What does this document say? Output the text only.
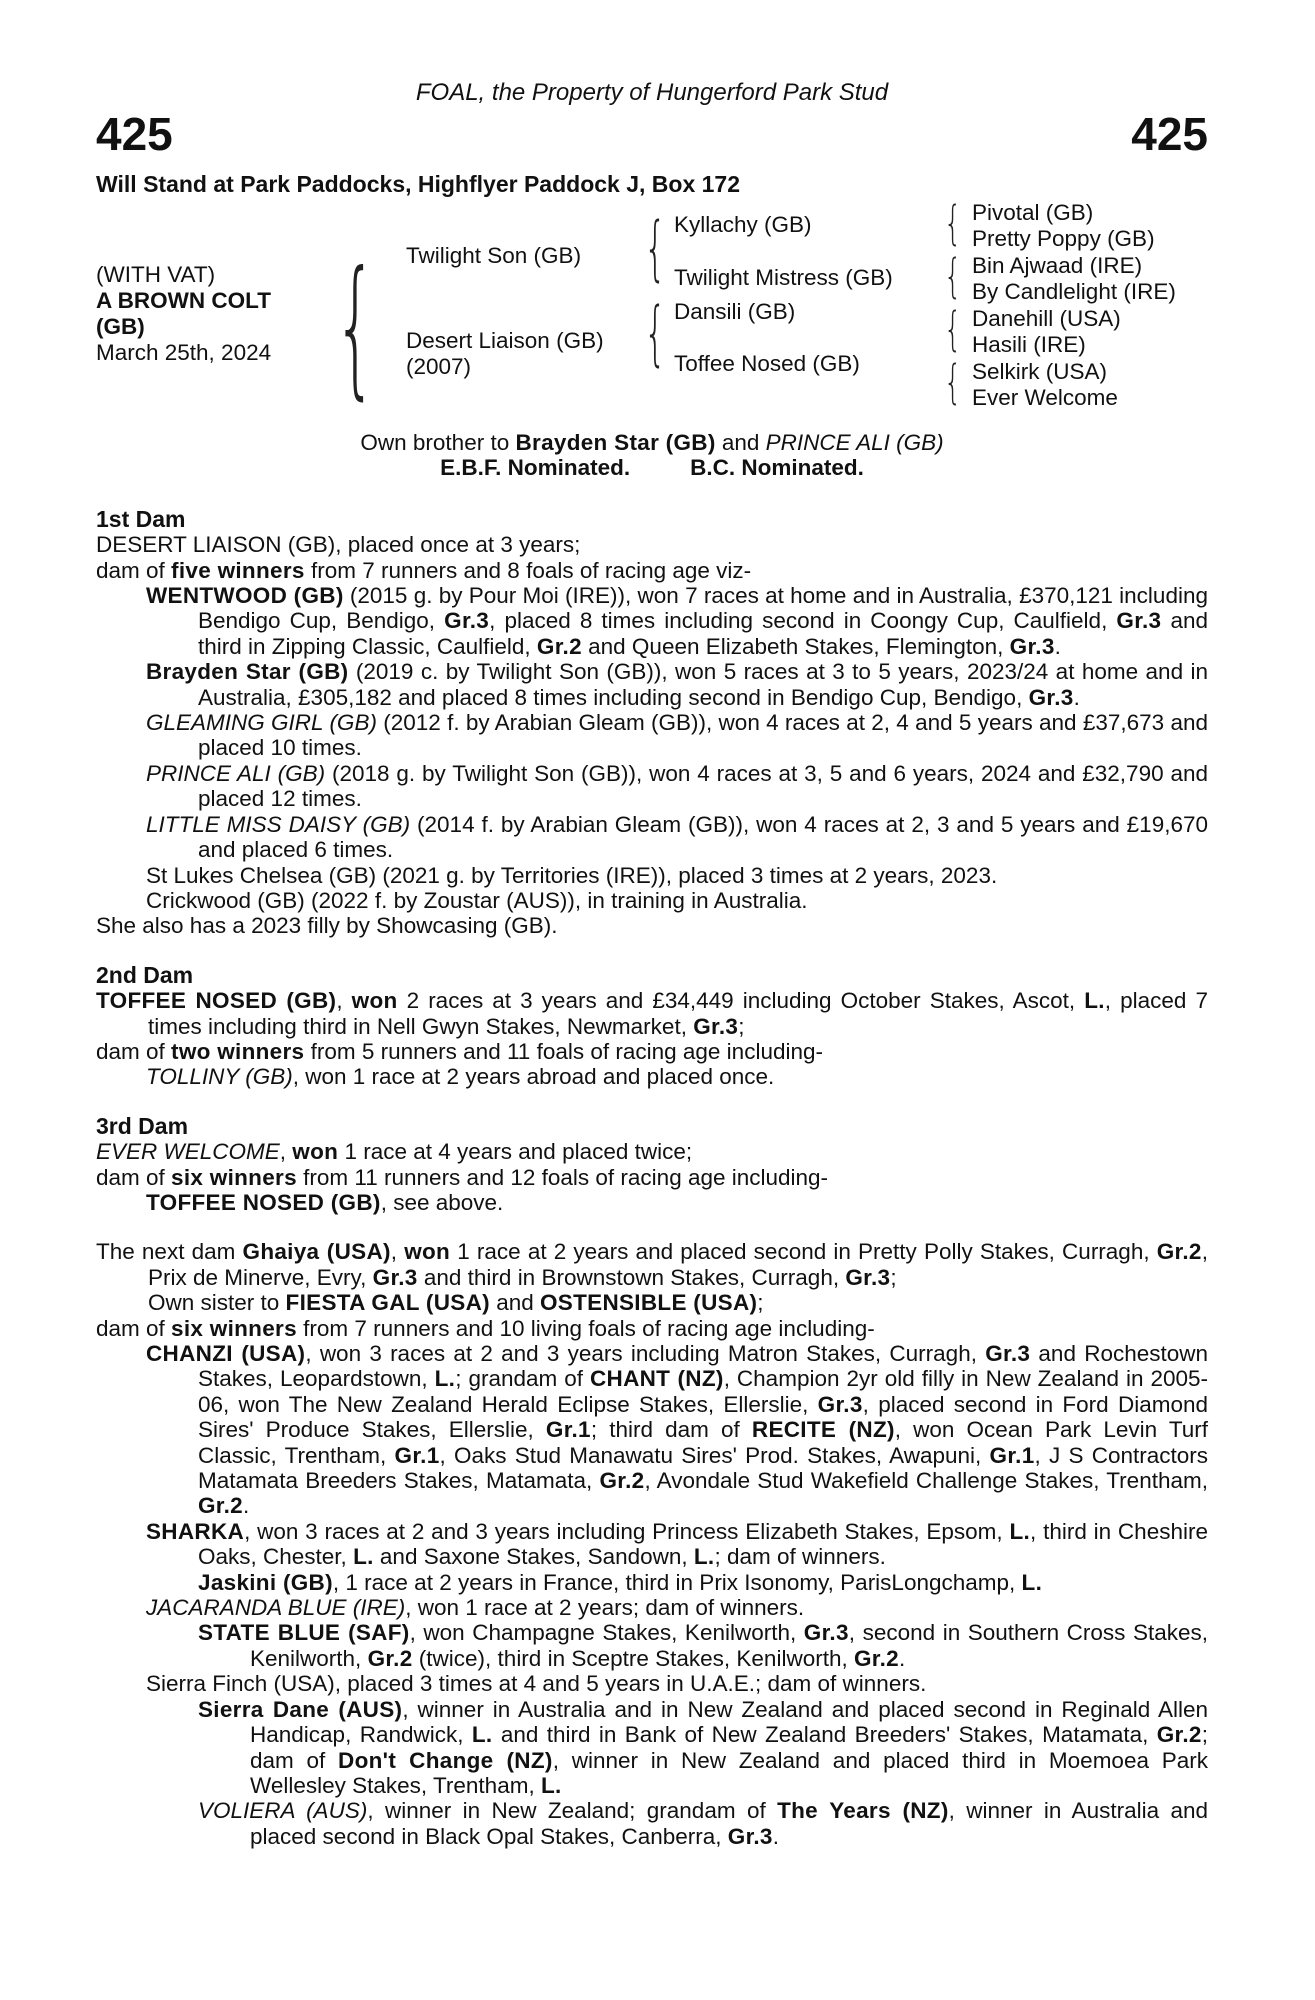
425
FOAL, the Property of Hungerford Park Stud
425
Will Stand at Park Paddocks, Highflyer Paddock J, Box 172
(WITH VAT)
A BROWN COLT
(GB)
March 25th, 2024 { Twilight Son (GB)
Desert Liaison (GB)
(2007)
{ Kyllachy (GB)
Twilight Mistress (GB)
{ Dansili (GB)
Toffee Nosed (GB)
{ Pivotal (GB)
Pretty Poppy (GB)
{ Bin Ajwaad (IRE)
By Candlelight (IRE)
{ Danehill (USA)
Hasili (IRE)
{ Selkirk (USA)
Ever Welcome

Own brother to Brayden Star (GB) and PRINCE ALI (GB)

E.B.F. Nominated.	B.C. Nominated.

1st Dam

DESERT LIAISON (GB), placed once at 3 years;

dam of five winners from 7 runners and 8 foals of racing age viz-

WENTWOOD (GB) (2015 g. by Pour Moi (IRE)), won 7 races at home and in Australia, £370,121 including Bendigo Cup, Bendigo, Gr.3, placed 8 times including second in Coongy Cup, Caulfield, Gr.3 and third in Zipping Classic, Caulfield, Gr.2 and Queen Elizabeth Stakes, Flemington, Gr.3.

Brayden Star (GB) (2019 c. by Twilight Son (GB)), won 5 races at 3 to 5 years, 2023/24 at home and in Australia, £305,182 and placed 8 times including second in Bendigo Cup, Bendigo, Gr.3.

GLEAMING GIRL (GB) (2012 f. by Arabian Gleam (GB)), won 4 races at 2, 4 and 5 years and £37,673 and placed 10 times.

PRINCE ALI (GB) (2018 g. by Twilight Son (GB)), won 4 races at 3, 5 and 6 years, 2024 and £32,790 and placed 12 times.

LITTLE MISS DAISY (GB) (2014 f. by Arabian Gleam (GB)), won 4 races at 2, 3 and 5 years and £19,670 and placed 6 times.

St Lukes Chelsea (GB) (2021 g. by Territories (IRE)), placed 3 times at 2 years, 2023.

Crickwood (GB) (2022 f. by Zoustar (AUS)), in training in Australia.

She also has a 2023 filly by Showcasing (GB).

2nd Dam

TOFFEE NOSED (GB), won 2 races at 3 years and £34,449 including October Stakes, Ascot, L., placed 7 times including third in Nell Gwyn Stakes, Newmarket, Gr.3;

dam of two winners from 5 runners and 11 foals of racing age including-

TOLLINY (GB), won 1 race at 2 years abroad and placed once.

3rd Dam

EVER WELCOME, won 1 race at 4 years and placed twice;

dam of six winners from 11 runners and 12 foals of racing age including-

TOFFEE NOSED (GB), see above.

The next dam Ghaiya (USA), won 1 race at 2 years and placed second in Pretty Polly Stakes, Curragh, Gr.2, Prix de Minerve, Evry, Gr.3 and third in Brownstown Stakes, Curragh, Gr.3;

Own sister to FIESTA GAL (USA) and OSTENSIBLE (USA);

dam of six winners from 7 runners and 10 living foals of racing age including-

CHANZI (USA), won 3 races at 2 and 3 years including Matron Stakes, Curragh, Gr.3 and Rochestown Stakes, Leopardstown, L.; grandam of CHANT (NZ), Champion 2yr old filly in New Zealand in 2005-06, won The New Zealand Herald Eclipse Stakes, Ellerslie, Gr.3, placed second in Ford Diamond Sires' Produce Stakes, Ellerslie, Gr.1; third dam of RECITE (NZ), won Ocean Park Levin Turf Classic, Trentham, Gr.1, Oaks Stud Manawatu Sires' Prod. Stakes, Awapuni, Gr.1, J S Contractors Matamata Breeders Stakes, Matamata, Gr.2, Avondale Stud Wakefield Challenge Stakes, Trentham, Gr.2.

SHARKA, won 3 races at 2 and 3 years including Princess Elizabeth Stakes, Epsom, L., third in Cheshire Oaks, Chester, L. and Saxone Stakes, Sandown, L.; dam of winners.

Jaskini (GB), 1 race at 2 years in France, third in Prix Isonomy, ParisLongchamp, L.

JACARANDA BLUE (IRE), won 1 race at 2 years; dam of winners.

STATE BLUE (SAF), won Champagne Stakes, Kenilworth, Gr.3, second in Southern Cross Stakes, Kenilworth, Gr.2 (twice), third in Sceptre Stakes, Kenilworth, Gr.2.

Sierra Finch (USA), placed 3 times at 4 and 5 years in U.A.E.; dam of winners.

Sierra Dane (AUS), winner in Australia and in New Zealand and placed second in Reginald Allen Handicap, Randwick, L. and third in Bank of New Zealand Breeders' Stakes, Matamata, Gr.2; dam of Don't Change (NZ), winner in New Zealand and placed third in Moemoea Park Wellesley Stakes, Trentham, L.

VOLIERA (AUS), winner in New Zealand; grandam of The Years (NZ), winner in Australia and placed second in Black Opal Stakes, Canberra, Gr.3.
